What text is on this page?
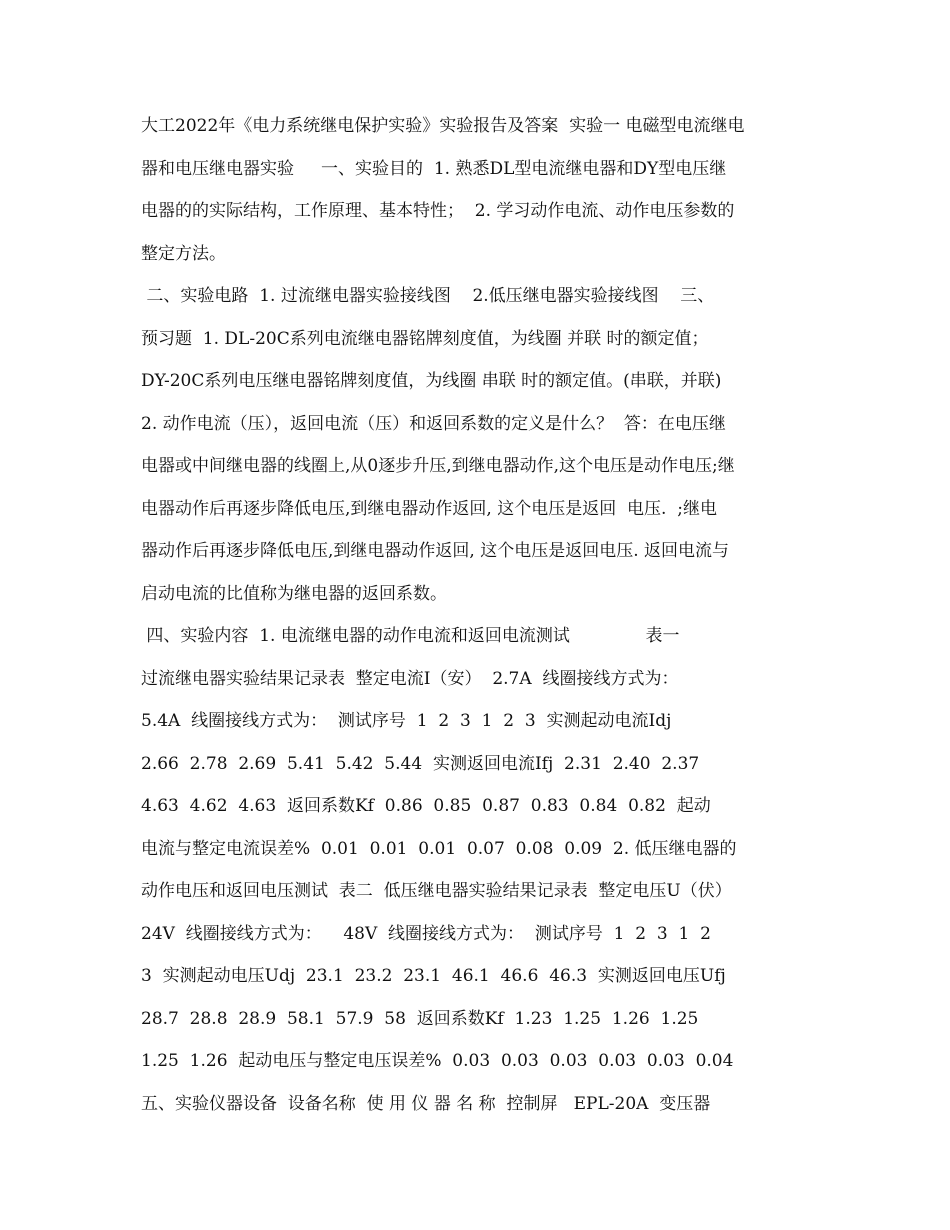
大工2022年《电力系统继电保护实验》实验报告及答案  实验一 电磁型电流继电
器和电压继电器实验     一、实验目的  1. 熟悉DL型电流继电器和DY型电压继
电器的的实际结构，工作原理、基本特性；  2. 学习动作电流、动作电压参数的
整定方法。
二、实验电路  1. 过流继电器实验接线图    2.低压继电器实验接线图    三、
预习题  1. DL-20C系列电流继电器铭牌刻度值，为线圈 并联 时的额定值；
DY-20C系列电压继电器铭牌刻度值，为线圈 串联 时的额定值。(串联，并联)
2. 动作电流（压），返回电流（压）和返回系数的定义是什么？  答：在电压继
电器或中间继电器的线圈上,从0逐步升压,到继电器动作,这个电压是动作电压;继
电器动作后再逐步降低电压,到继电器动作返回, 这个电压是返回  电压.  ;继电
器动作后再逐步降低电压,到继电器动作返回, 这个电压是返回电压. 返回电流与
启动电流的比值称为继电器的返回系数。
四、实验内容  1. 电流继电器的动作电流和返回电流测试              表一
过流继电器实验结果记录表  整定电流I（安）  2.7A  线圈接线方式为：
5.4A  线圈接线方式为：  测试序号  1  2  3  1  2  3  实测起动电流Idj
2.66  2.78  2.69  5.41  5.42  5.44  实测返回电流Ifj  2.31  2.40  2.37
4.63  4.62  4.63  返回系数Kf  0.86  0.85  0.87  0.83  0.84  0.82  起动
电流与整定电流误差%  0.01  0.01  0.01  0.07  0.08  0.09  2. 低压继电器的
动作电压和返回电压测试  表二  低压继电器实验结果记录表  整定电压U（伏）
24V  线圈接线方式为：    48V  线圈接线方式为：  测试序号  1  2  3  1  2
3  实测起动电压Udj  23.1  23.2  23.1  46.1  46.6  46.3  实测返回电压Ufj
28.7  28.8  28.9  58.1  57.9  58  返回系数Kf  1.23  1.25  1.26  1.25
1.25  1.26  起动电压与整定电压误差%  0.03  0.03  0.03  0.03  0.03  0.04
五、实验仪器设备  设备名称  使 用 仪 器 名 称  控制屏   EPL-20A  变压器
